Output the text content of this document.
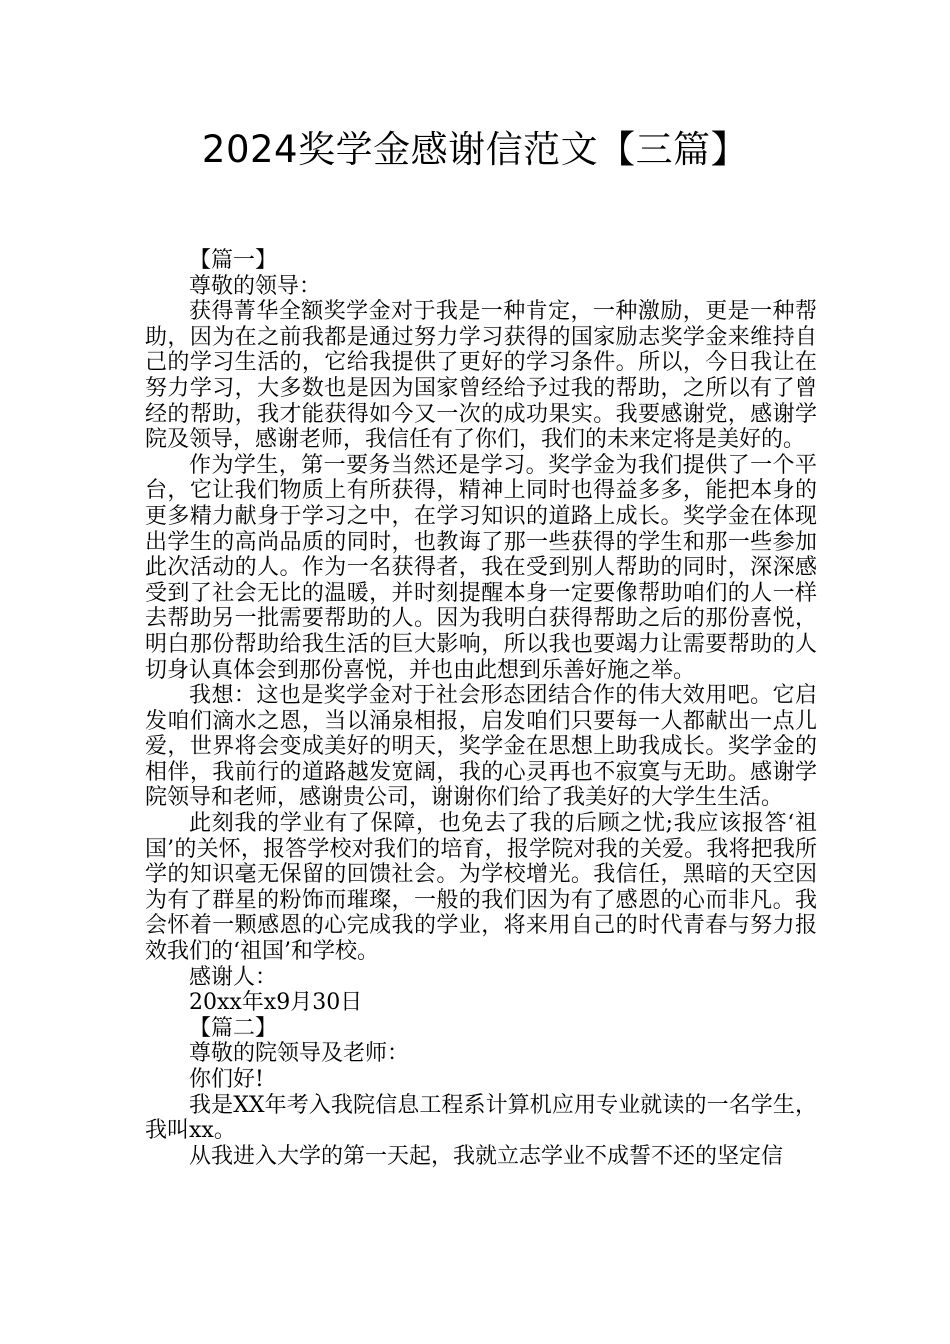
2024奖学金感谢信范文【三篇】

【篇一】

尊敬的领导：

获得菁华全额奖学金对于我是一种肯定，一种激励，更是一种帮助，因为在之前我都是通过努力学习获得的国家励志奖学金来维持自己的学习生活的，它给我提供了更好的学习条件。所以，今日我让在努力学习，大多数也是因为国家曾经给予过我的帮助，之所以有了曾经的帮助，我才能获得如今又一次的成功果实。我要感谢党，感谢学院及领导，感谢老师，我信任有了你们，我们的未来定将是美好的。

作为学生，第一要务当然还是学习。奖学金为我们提供了一个平台，它让我们物质上有所获得，精神上同时也得益多多，能把本身的更多精力献身于学习之中，在学习知识的道路上成长。奖学金在体现出学生的高尚品质的同时，也教诲了那一些获得的学生和那一些参加此次活动的人。作为一名获得者，我在受到别人帮助的同时，深深感受到了社会无比的温暖，并时刻提醒本身一定要像帮助咱们的人一样去帮助另一批需要帮助的人。因为我明白获得帮助之后的那份喜悦，明白那份帮助给我生活的巨大影响，所以我也要竭力让需要帮助的人切身认真体会到那份喜悦，并也由此想到乐善好施之举。

我想：这也是奖学金对于社会形态团结合作的伟大效用吧。它启发咱们滴水之恩，当以涌泉相报，启发咱们只要每一人都献出一点儿爱，世界将会变成美好的明天，奖学金在思想上助我成长。奖学金的相伴，我前行的道路越发宽阔，我的心灵再也不寂寞与无助。感谢学院领导和老师，感谢贵公司，谢谢你们给了我美好的大学生生活。

此刻我的学业有了保障，也免去了我的后顾之忧;我应该报答‘祖国’的关怀，报答学校对我们的培育，报学院对我的关爱。我将把我所学的知识毫无保留的回馈社会。为学校增光。我信任，黑暗的天空因为有了群星的粉饰而璀璨，一般的我们因为有了感恩的心而非凡。我会怀着一颗感恩的心完成我的学业，将来用自己的时代青春与努力报效我们的‘祖国’和学校。

感谢人：

20xx年x9月30日

【篇二】

尊敬的院领导及老师：

你们好!

我是XX年考入我院信息工程系计算机应用专业就读的一名学生，我叫xx。

从我进入大学的第一天起，我就立志学业不成誓不还的坚定信
